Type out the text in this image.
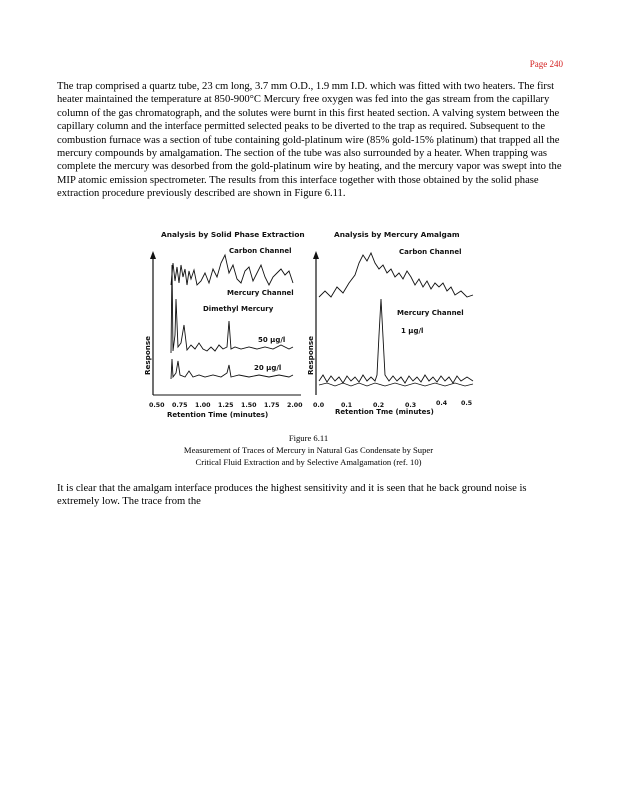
Page 240

The trap comprised a quartz tube, 23 cm long, 3.7 mm O.D., 1.9 mm I.D. which was fitted with two heaters. The first heater maintained the temperature at 850-900°C Mercury free oxygen was fed into the gas stream from the capillary column of the gas chromatograph, and the solutes were burnt in this first heated section. A valving system between the capillary column and the interface permitted selected peaks to be diverted to the trap as required. Subsequent to the combustion furnace was a section of tube containing gold-platinum wire (85% gold-15% platinum) that trapped all the mercury compounds by amalgamation. The section of the tube was also surrounded by a heater. When trapping was complete the mercury was desorbed from the gold-platinum wire by heating, and the mercury vapor was swept into the MIP atomic emission spectrometer. The results from this interface together with those obtained by the solid phase extraction procedure previously described are shown in Figure 6.11.

Analysis by Solid Phase Extraction
Response
Carbon Channel
Mercury Channel
Dimethyl Mercury
50 µg/l
20 µg/l
0.50 0.75 1.00 1.25 1.50 1.75 2.00
Retention Time (minutes)
Analysis by Mercury Amalgam
Response
Carbon Channel
Mercury Channel
1 µg/l
0.0	0.1	0.2	0.3	0.4 0.5
Retention Tme (minutes)
Figure 6.11
Measurement of Traces of Mercury in Natural Gas Condensate by Super
Critical Fluid Extraction and by Selective Amalgamation (ref. 10)

It is clear that the amalgam interface produces the highest sensitivity and it is seen that he back ground noise is extremely low. The trace from the
